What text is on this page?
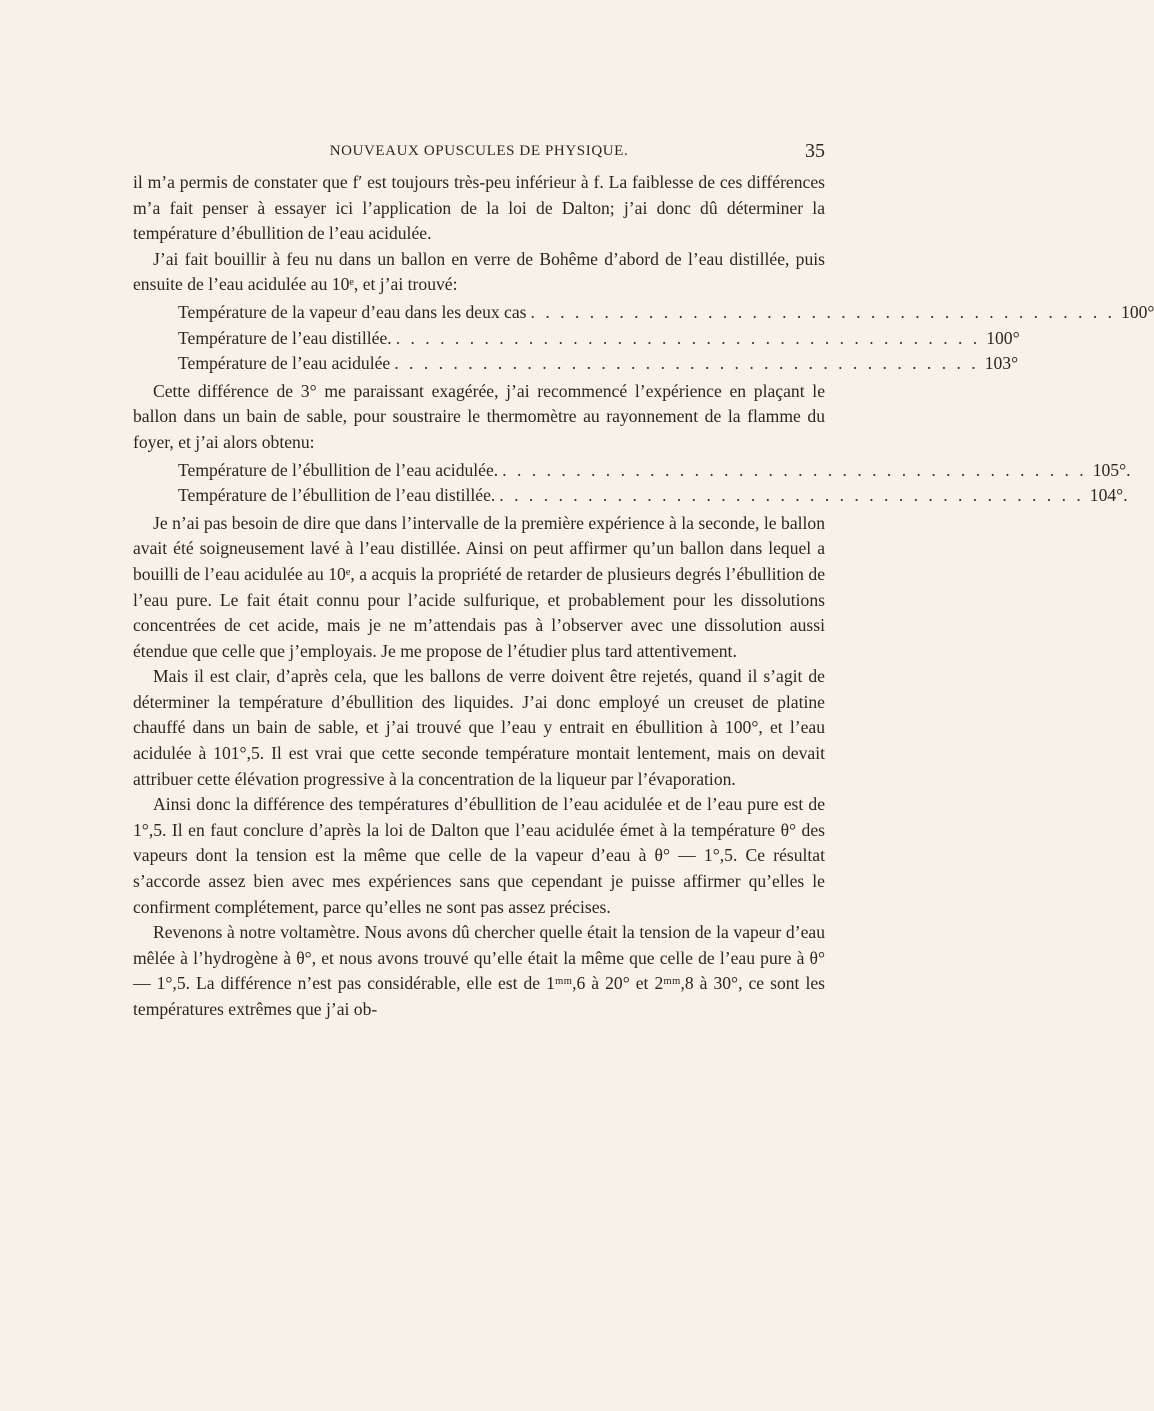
NOUVEAUX OPUSCULES DE PHYSIQUE.	35

il m’a permis de constater que f′ est toujours très-peu inférieur à f. La faiblesse de ces différences m’a fait penser à essayer ici l’application de la loi de Dalton; j’ai donc dû déterminer la température d’ébullition de l’eau acidulée.

J’ai fait bouillir à feu nu dans un ballon en verre de Bohême d’abord de l’eau distillée, puis ensuite de l’eau acidulée au 10ᵉ, et j’ai trouvé:

Température de la vapeur d’eau dans les deux cas . . . . . . . . . . . . . . . . . . . . . . . . . . . . . . . . . . . . . . . . 100°
Température de l’eau distillée. . . . . . . . . . . . . . . . . . . . . . . . . . . . . . . . . . . . . . . . . 100°
Température de l’eau acidulée . . . . . . . . . . . . . . . . . . . . . . . . . . . . . . . . . . . . . . . . 103°

Cette différence de 3° me paraissant exagérée, j’ai recommencé l’expérience en plaçant le ballon dans un bain de sable, pour soustraire le thermomètre au rayonnement de la flamme du foyer, et j’ai alors obtenu:

Température de l’ébullition de l’eau acidulée. . . . . . . . . . . . . . . . . . . . . . . . . . . . . . . . . . . . . . . . . 105°.
Température de l’ébullition de l’eau distillée. . . . . . . . . . . . . . . . . . . . . . . . . . . . . . . . . . . . . . . . . 104°.

Je n’ai pas besoin de dire que dans l’intervalle de la première expérience à la seconde, le ballon avait été soigneusement lavé à l’eau distillée. Ainsi on peut affirmer qu’un ballon dans lequel a bouilli de l’eau acidulée au 10ᵉ, a acquis la propriété de retarder de plusieurs degrés l’ébullition de l’eau pure. Le fait était connu pour l’acide sulfurique, et probablement pour les dissolutions concentrées de cet acide, mais je ne m’attendais pas à l’observer avec une dissolution aussi étendue que celle que j’employais. Je me propose de l’étudier plus tard attentivement.

Mais il est clair, d’après cela, que les ballons de verre doivent être rejetés, quand il s’agit de déterminer la température d’ébullition des liquides. J’ai donc employé un creuset de platine chauffé dans un bain de sable, et j’ai trouvé que l’eau y entrait en ébullition à 100°, et l’eau acidulée à 101°,5. Il est vrai que cette seconde température montait lentement, mais on devait attribuer cette élévation progressive à la concentration de la liqueur par l’évaporation.

Ainsi donc la différence des températures d’ébullition de l’eau acidulée et de l’eau pure est de 1°,5. Il en faut conclure d’après la loi de Dalton que l’eau acidulée émet à la température θ° des vapeurs dont la tension est la même que celle de la vapeur d’eau à θ° — 1°,5. Ce résultat s’accorde assez bien avec mes expériences sans que cependant je puisse affirmer qu’elles le confirment complétement, parce qu’elles ne sont pas assez précises.

Revenons à notre voltamètre. Nous avons dû chercher quelle était la tension de la vapeur d’eau mêlée à l’hydrogène à θ°, et nous avons trouvé qu’elle était la même que celle de l’eau pure à θ° — 1°,5. La différence n’est pas considérable, elle est de 1ᵐᵐ,6 à 20° et 2ᵐᵐ,8 à 30°, ce sont les températures extrêmes que j’ai ob-
